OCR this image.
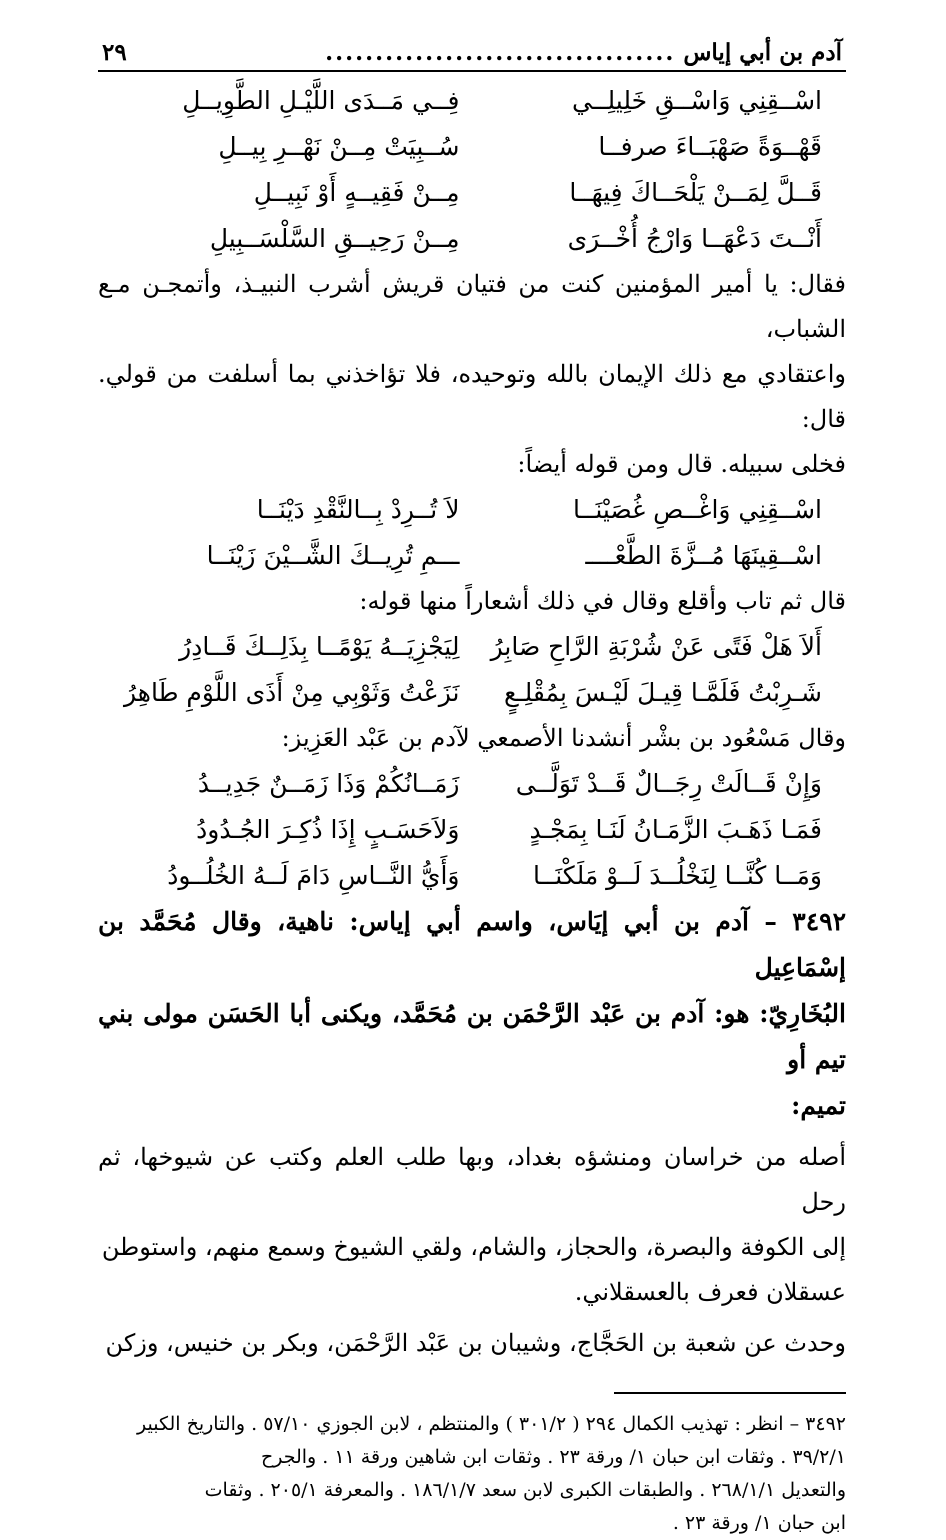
آدم بن أبي إياس
...................................
٢٩
اسْــقِنِي وَاسْــقِ خَلِيلِــي
فِــي مَــدَى اللَّيْـلِ الطَّوِيــلِ
قَهْــوَةً صَهْبَــاءَ صرفــا
سُــبِيَتْ مِــنْ نَهْــرِ بِيــلِ
قَــلَّ لِمَــنْ يَلْحَــاكَ فِيهَــا
مِــنْ فَقِيــهٍ أَوْ نَبِيــلِ
أَنْــتَ دَعْهَــا وَارْجُ أُخْــرَى
مِــنْ رَحِيــقِ السَّلْسَــبِيلِ

فقال: يا أمير المؤمنين كنت من فتيان قريش أشرب النبيـذ، وأتمجـن مـع الشباب،

واعتقادي مع ذلك الإيمان بالله وتوحيده، فلا تؤاخذني بما أسلفت من قولي. قال:

فخلى سبيله. قال ومن قوله أيضاً:

اسْــقِنِي وَاغْــصِ غُصَيْنَــا
لاَ تُــرِدْ بِــالنَّقْدِ دَيْنَــا
اسْــقِينَهَا مُــزَّةَ الطَّعْــــ
ـــمِ تُرِيــكَ الشَّــيْنَ زَيْنَــا

قال ثم تاب وأقلع وقال في ذلك أشعاراً منها قوله:

أَلاَ هَلْ فَتًى عَنْ شُرْبَةِ الرَّاحِ صَابِرُ
لِيَجْزِيَــهُ يَوْمًــا بِذَلِــكَ قَــادِرُ
شَـرِبْتُ فَلَمَّـا قِيـلَ لَيْـسَ بِمُقْلِـعٍ
نَزَعْتُ وَثَوْبِي مِنْ أَذَى اللَّوْمِ طَاهِرُ

وقال مَسْعُود بن بشْر أنشدنا الأصمعي لآدم بن عَبْد العَزِيز:

وَإِنْ قَــالَتْ رِجَــالٌ قَــدْ تَوَلَّــى
زَمَــانُكُمْ وَذَا زَمَــنٌ جَدِيــدُ
فَمَـا ذَهَـبَ الزَّمَـانُ لَنَـا بِمَجْـدٍ
وَلاَحَسَـبٍ إِذَا ذُكِـرَ الجُـدُودُ
وَمَــا كُنَّــا لِنَخْلُــدَ لَــوْ مَلَكْنَــا
وَأَيُّ النَّــاسِ دَامَ لَــهُ الخُلُــودُ

٣٤٩٢ – آدم بن أبي إيَاس، واسم أبي إياس: ناهية، وقال مُحَمَّد بن إسْمَاعِيل

البُخَارِيّ: هو: آدم بن عَبْد الرَّحْمَن بن مُحَمَّد، ويكنى أبا الحَسَن مولى بني تيم أو

تميم:

أصله من خراسان ومنشؤه بغداد، وبها طلب العلم وكتب عن شيوخها، ثم رحل

إلى الكوفة والبصرة، والحجاز، والشام، ولقي الشيوخ وسمع منهم، واستوطن

عسقلان فعرف بالعسقلاني.

وحدث عن شعبة بن الحَجَّاج، وشيبان بن عَبْد الرَّحْمَن، وبكر بن خنيس، وزكن

٣٤٩٢ – انظر : تهذيب الكمال ٢٩٤ ( ٣٠١/٢ ) والمنتظم ، لابن الجوزي ٥٧/١٠ . والتاريخ الكبير
٣٩/٢/١ . وثقات ابن حبان ١/ ورقة ٢٣ . وثقات ابن شاهين ورقة ١١ . والجرح
والتعديل ٢٦٨/١/١ . والطبقات الكبرى لابن سعد ١٨٦/١/٧ . والمعرفة ٢٠٥/١ . وثقات
ابن حبان ١/ ورقة ٢٣ .
